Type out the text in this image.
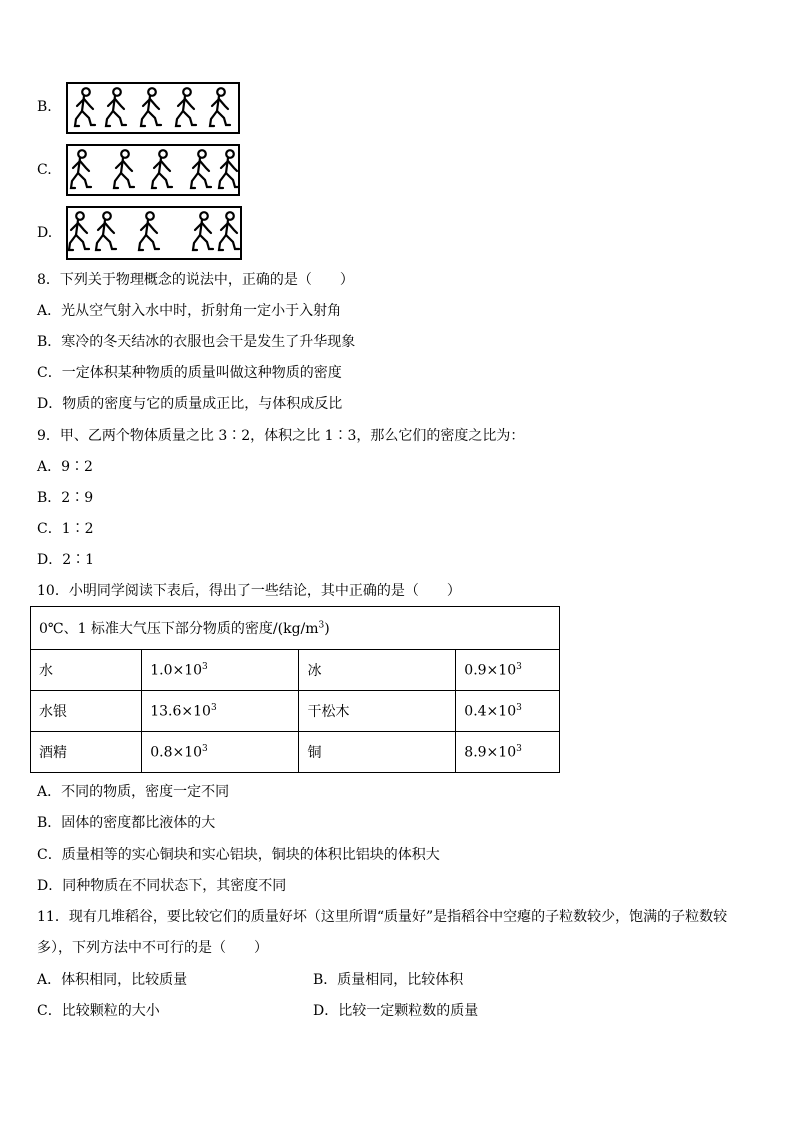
B.
C.
D.
8．下列关于物理概念的说法中，正确的是（　　）
A．光从空气射入水中时，折射角一定小于入射角
B．寒冷的冬天结冰的衣服也会干是发生了升华现象
C．一定体积某种物质的质量叫做这种物质的密度
D．物质的密度与它的质量成正比，与体积成反比
9．甲、乙两个物体质量之比 3∶2，体积之比 1∶3，那么它们的密度之比为：
A．9∶2
B．2∶9
C．1∶2
D．2∶1
10．小明同学阅读下表后，得出了一些结论，其中正确的是（　　）
0℃、1 标准大气压下部分物质的密度$/(kg/m^3)$			
水	$1.0\times 10^3$	冰	$0.9\times 10^3$
水银	$13.6\times 10^3$	干松木	$0.4\times 10^3$
酒精	$0.8\times 10^3$	铜	$8.9\times 10^3$
A．不同的物质，密度一定不同
B．固体的密度都比液体的大
C．质量相等的实心铜块和实心铝块，铜块的体积比铝块的体积大
D．同种物质在不同状态下，其密度不同
11．现有几堆稻谷，要比较它们的质量好坏（这里所谓“质量好”是指稻谷中空瘪的子粒数较少，饱满的子粒数较
多），下列方法中不可行的是（　　）
A．体积相同，比较质量	B．质量相同，比较体积
C．比较颗粒的大小	D．比较一定颗粒数的质量
